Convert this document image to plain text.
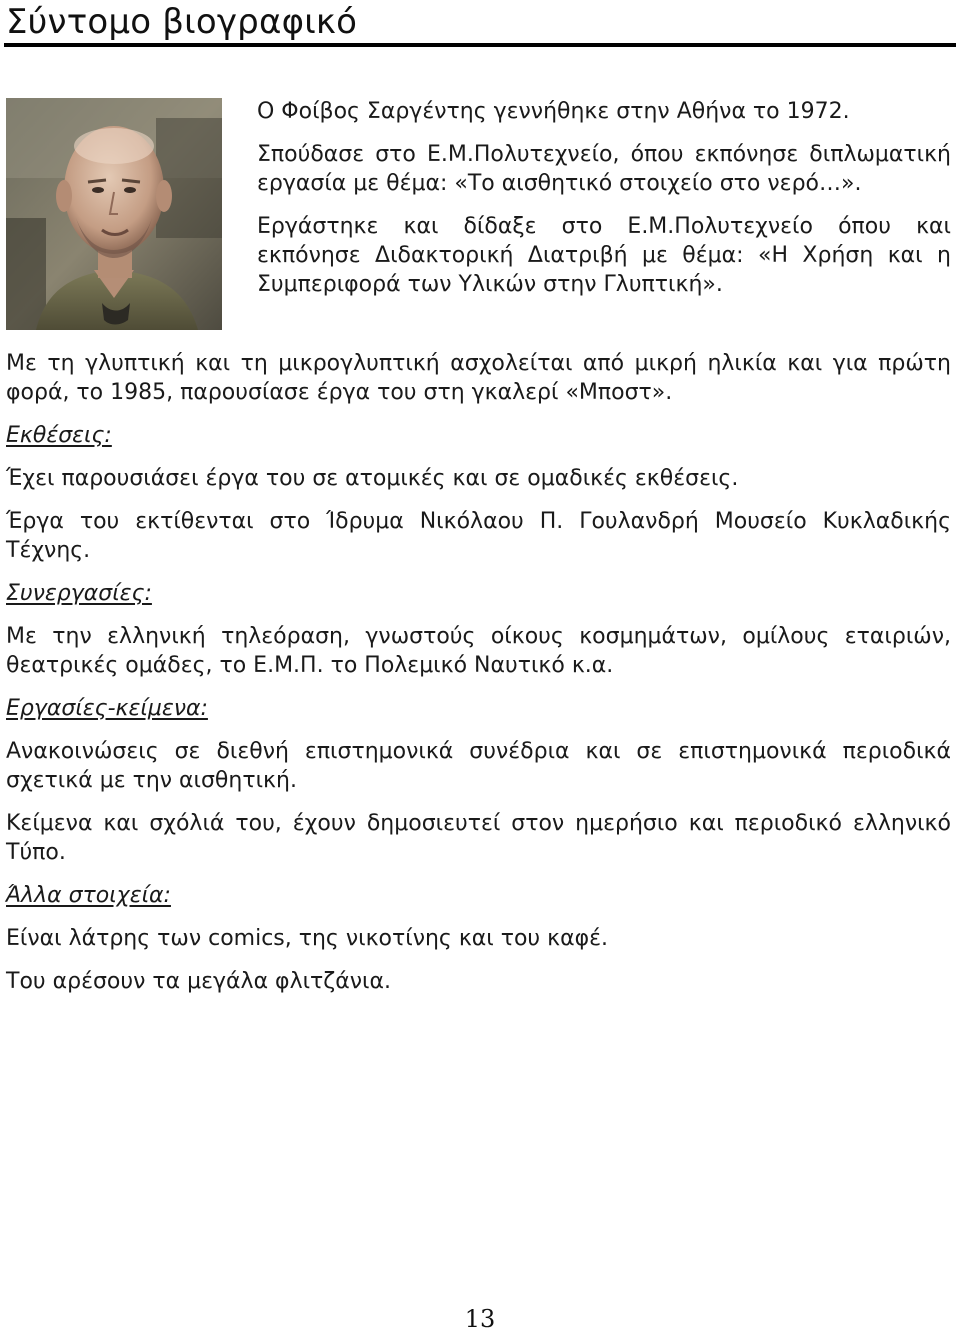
Σύντομο βιογραφικό

Ο Φοίβος Σαργέντης γεννήθηκε στην Αθήνα το 1972.

Σπούδασε στο Ε.Μ.Πολυτεχνείο, όπου εκπόνησε διπλωματική εργασία με θέμα: «Το αισθητικό στοιχείο στο νερό…».

Εργάστηκε και δίδαξε στο Ε.Μ.Πολυτεχνείο όπου και εκπόνησε Διδακτορική Διατριβή με θέμα: «Η Χρήση και η Συμπεριφορά των Υλικών στην Γλυπτική».

Με τη γλυπτική και τη μικρογλυπτική ασχολείται από μικρή ηλικία και για πρώτη φορά, το 1985, παρουσίασε έργα του στη γκαλερί «Μποστ».

Εκθέσεις:

Έχει παρουσιάσει έργα του σε ατομικές και σε ομαδικές εκθέσεις.

Έργα του εκτίθενται στο Ίδρυμα Νικόλαου Π. Γουλανδρή Μουσείο Κυκλαδικής Τέχνης.

Συνεργασίες:

Με την ελληνική τηλεόραση, γνωστούς οίκους κοσμημάτων, ομίλους εταιριών, θεατρικές ομάδες, το Ε.Μ.Π. το Πολεμικό Ναυτικό κ.α.

Εργασίες-κείμενα:

Ανακοινώσεις σε διεθνή επιστημονικά συνέδρια και σε επιστημονικά περιοδικά σχετικά με την αισθητική.

Κείμενα και σχόλιά του, έχουν δημοσιευτεί στον ημερήσιο και περιοδικό ελληνικό Τύπο.

Άλλα στοιχεία:

Είναι λάτρης των comics, της νικοτίνης και του καφέ.

Του αρέσουν τα μεγάλα φλιτζάνια.

13
